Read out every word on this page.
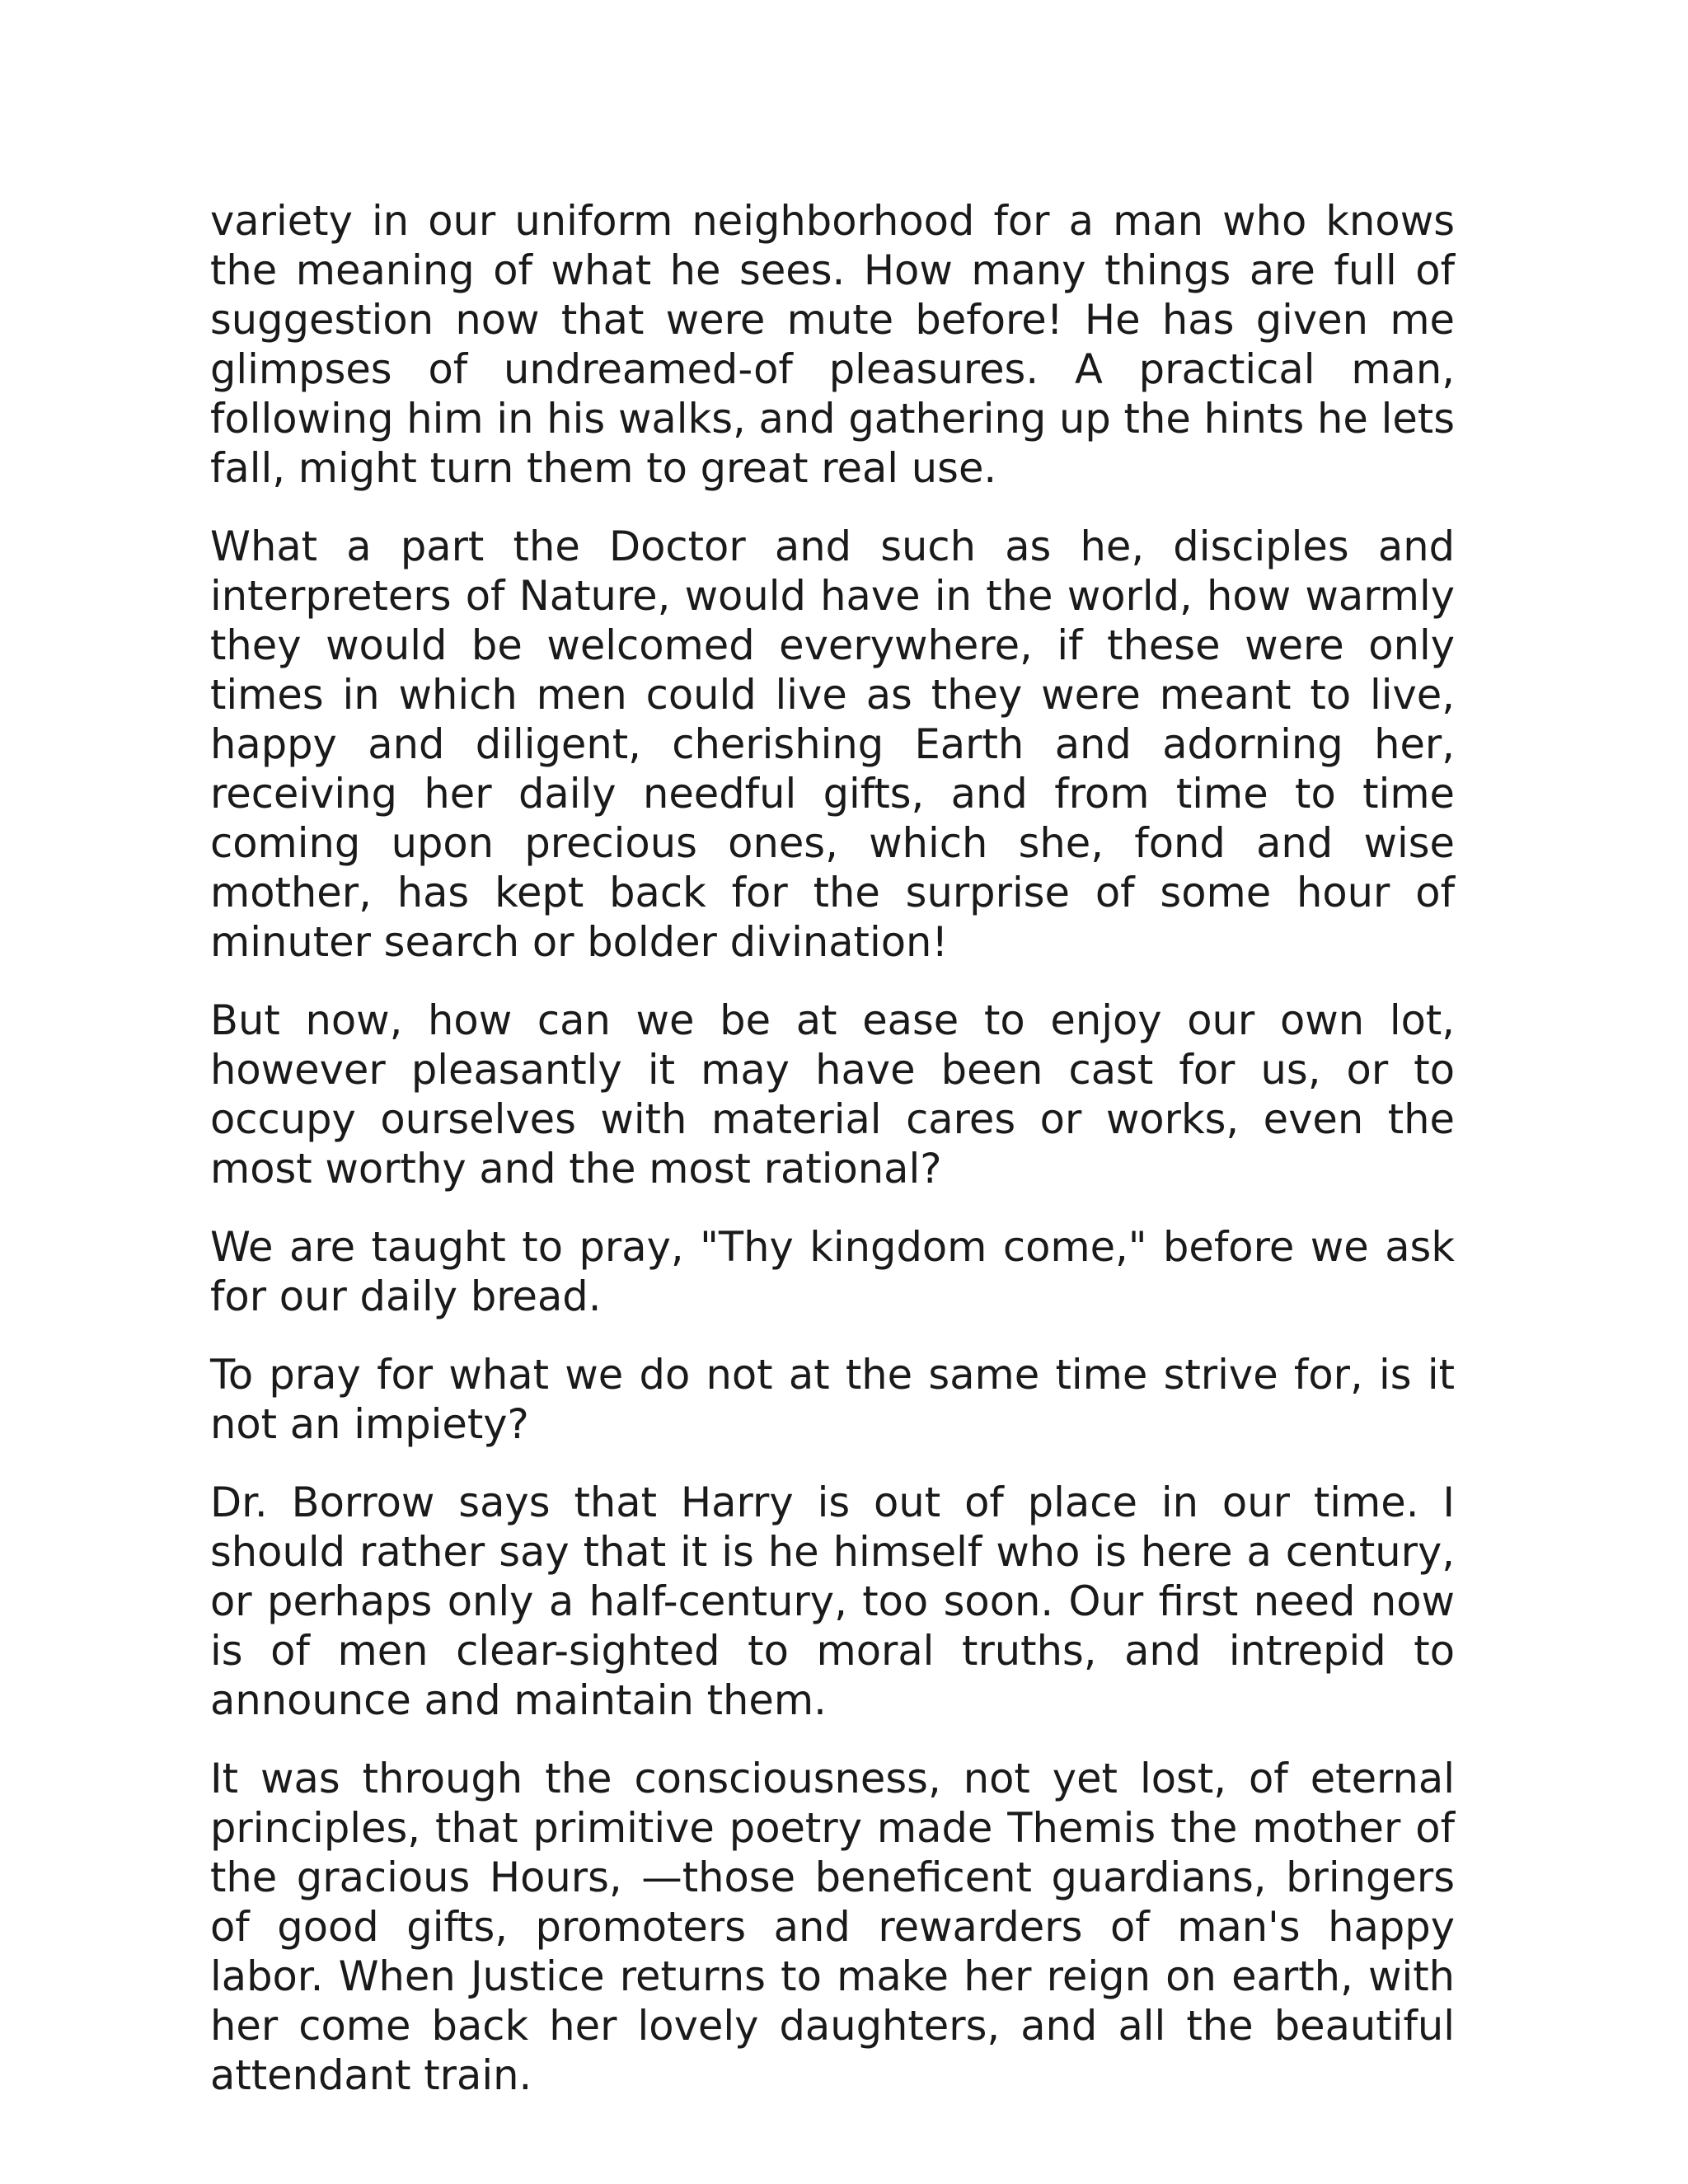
variety in our uniform neighborhood for a man who knows the meaning of what he sees. How many things are full of suggestion now that were mute before! He has given me glimpses of undreamed-of pleasures. A practical man, following him in his walks, and gathering up the hints he lets fall, might turn them to great real use.

What a part the Doctor and such as he, disciples and interpreters of Nature, would have in the world, how warmly they would be welcomed everywhere, if these were only times in which men could live as they were meant to live, happy and diligent, cherishing Earth and adorning her, receiving her daily needful gifts, and from time to time coming upon precious ones, which she, fond and wise mother, has kept back for the surprise of some hour of minuter search or bolder divination!

But now, how can we be at ease to enjoy our own lot, however pleasantly it may have been cast for us, or to occupy ourselves with material cares or works, even the most worthy and the most rational?

We are taught to pray, "Thy kingdom come," before we ask for our daily bread.

To pray for what we do not at the same time strive for, is it not an impiety?

Dr. Borrow says that Harry is out of place in our time. I should rather say that it is he himself who is here a century, or perhaps only a half-century, too soon. Our first need now is of men clear-sighted to moral truths, and intrepid to announce and maintain them.

It was through the consciousness, not yet lost, of eternal principles, that primitive poetry made Themis the mother of the gracious Hours, —those beneficent guardians, bringers of good gifts, promoters and rewarders of man's happy labor. When Justice returns to make her reign on earth, with her come back her lovely daughters, and all the beautiful attendant train.
